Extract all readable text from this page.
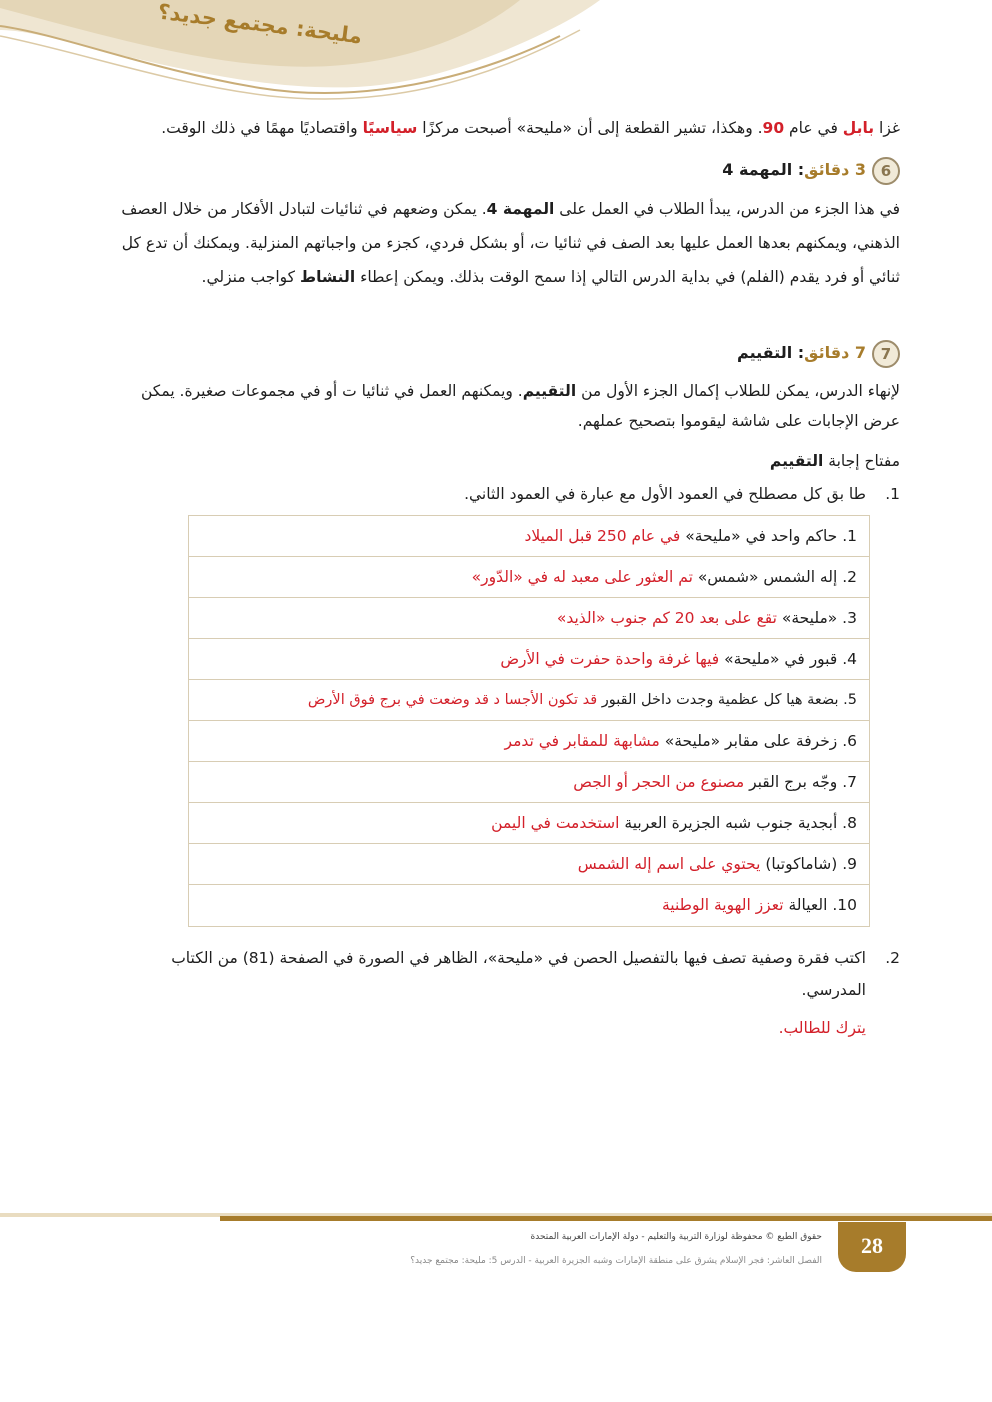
مليحة: مجتمع جديد؟
غزا بابل في عام 90. وهكذا، تشير القطعة إلى أن «مليحة» أصبحت مركزًا سياسيًا واقتصاديًا مهمًا في ذلك الوقت.
63 دقائق: المهمة 4
في هذا الجزء من الدرس، يبدأ الطلاب في العمل على المهمة 4. يمكن وضعهم في ثنائيات لتبادل الأفكار من خلال العصف الذهني، ويمكنهم بعدها العمل عليها بعد الصف في ثنائيا ت، أو بشكل فردي، كجزء من واجباتهم المنزلية. ويمكنك أن تدع كل ثنائي أو فرد يقدم (الفلم) في بداية الدرس التالي إذا سمح الوقت بذلك. ويمكن إعطاء النشاط كواجب منزلي.
77 دقائق: التقييم
لإنهاء الدرس، يمكن للطلاب إكمال الجزء الأول من التقييم. ويمكنهم العمل في ثنائيا ت أو في مجموعات صغيرة. يمكن عرض الإجابات على شاشة ليقوموا بتصحيح عملهم.
مفتاح إجابة التقييم
1.
طا بق كل مصطلح في العمود الأول مع عبارة في العمود الثاني.
1. حاكم واحد في «مليحة» في عام 250 قبل الميلاد
2. إله الشمس «شمس» تم العثور على معبد له في «الدّور»
3. «مليحة» تقع على بعد 20 كم جنوب «الذيد»
4. قبور في «مليحة» فيها غرفة واحدة حفرت في الأرض
5. بضعة هيا كل عظمية وجدت داخل القبور قد تكون الأجسا د قد وضعت في برج فوق الأرض
6. زخرفة على مقابر «مليحة» مشابهة للمقابر في تدمر
7. وجّه برج القبر مصنوع من الحجر أو الجص
8. أبجدية جنوب شبه الجزيرة العربية استخدمت في اليمن
9. (شاماكوتبا) يحتوي على اسم إله الشمس
10. العيالة تعزز الهوية الوطنية
2.
اكتب فقرة وصفية تصف فيها بالتفصيل الحصن في «مليحة»، الظاهر في الصورة في الصفحة (81) من الكتاب المدرسي.
يترك للطالب.
28
حقوق الطبع © محفوظة لوزارة التربية والتعليم - دولة الإمارات العربية المتحدة
الفصل العاشر: فجر الإسلام يشرق على منطقة الإمارات وشبه الجزيرة العربية - الدرس 5: مليحة: مجتمع جديد؟
